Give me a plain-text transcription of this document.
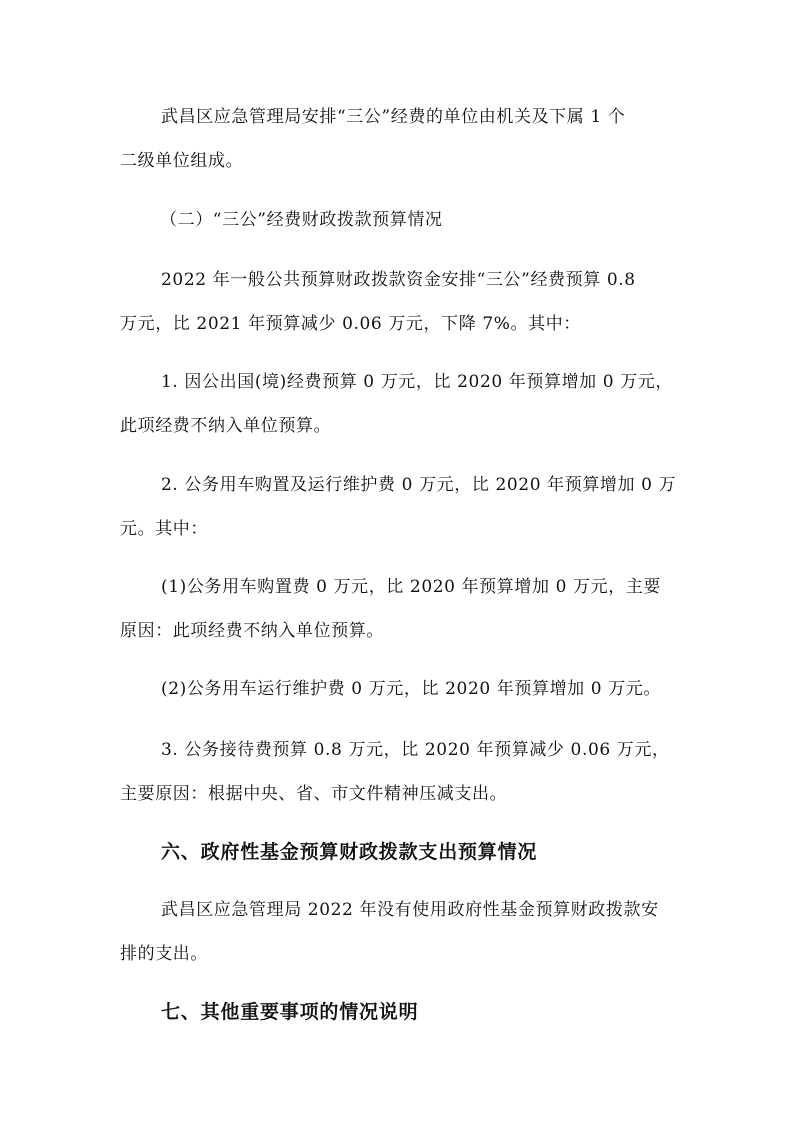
武昌区应急管理局安排“三公”经费的单位由机关及下属 1 个
二级单位组成。
（二）“三公”经费财政拨款预算情况
2022 年一般公共预算财政拨款资金安排“三公”经费预算 0.8
万元，比 2021 年预算减少 0.06 万元，下降 7%。其中：
1. 因公出国(境)经费预算 0 万元，比 2020 年预算增加 0 万元，
此项经费不纳入单位预算。
2. 公务用车购置及运行维护费 0 万元，比 2020 年预算增加 0 万
元。其中：
(1)公务用车购置费 0 万元，比 2020 年预算增加 0 万元，主要
原因：此项经费不纳入单位预算。
(2)公务用车运行维护费 0 万元，比 2020 年预算增加 0 万元。
3. 公务接待费预算 0.8 万元，比 2020 年预算减少 0.06 万元，
主要原因：根据中央、省、市文件精神压减支出。
六、政府性基金预算财政拨款支出预算情况
武昌区应急管理局 2022 年没有使用政府性基金预算财政拨款安
排的支出。
七、其他重要事项的情况说明
